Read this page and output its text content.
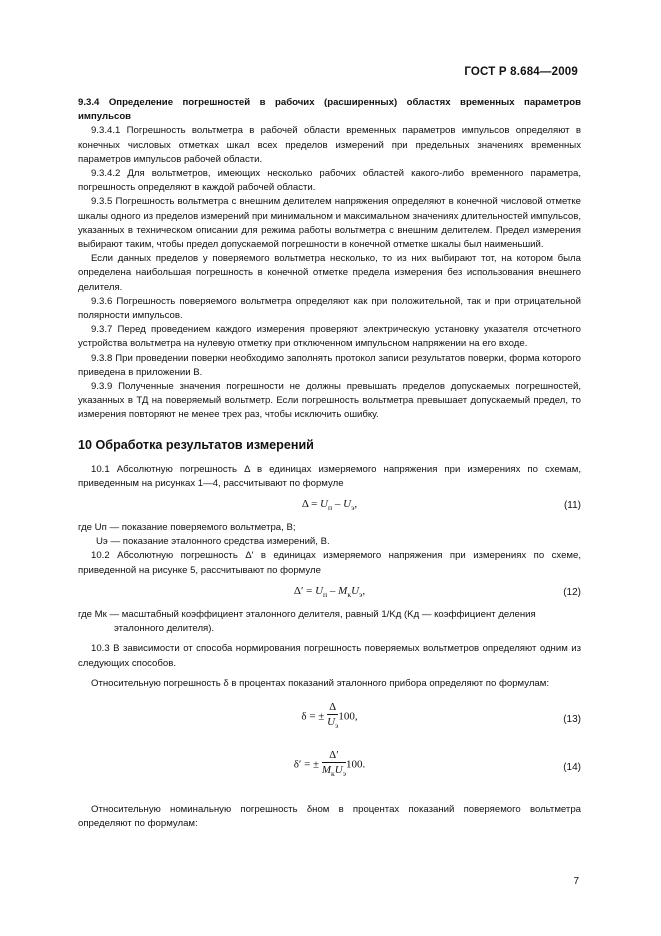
ГОСТ Р 8.684—2009

9.3.4 Определение погрешностей в рабочих (расширенных) областях временных параметров импульсов

9.3.4.1 Погрешность вольтметра в рабочей области временных параметров импульсов определяют в конечных числовых отметках шкал всех пределов измерений при предельных значениях временных параметров импульсов рабочей области.

9.3.4.2 Для вольтметров, имеющих несколько рабочих областей какого-либо временного параметра, погрешность определяют в каждой рабочей области.

9.3.5 Погрешность вольтметра с внешним делителем напряжения определяют в конечной числовой отметке шкалы одного из пределов измерений при минимальном и максимальном значениях длительностей импульсов, указанных в техническом описании для режима работы вольтметра с внешним делителем. Предел измерения выбирают таким, чтобы предел допускаемой погрешности в конечной отметке шкалы был наименьший.

Если данных пределов у поверяемого вольтметра несколько, то из них выбирают тот, на котором была определена наибольшая погрешность в конечной отметке предела измерения без использования внешнего делителя.

9.3.6 Погрешность поверяемого вольтметра определяют как при положительной, так и при отрицательной полярности импульсов.

9.3.7 Перед проведением каждого измерения проверяют электрическую установку указателя отсчетного устройства вольтметра на нулевую отметку при отключенном импульсном напряжении на его входе.

9.3.8 При проведении поверки необходимо заполнять протокол записи результатов поверки, форма которого приведена в приложении В.

9.3.9 Полученные значения погрешности не должны превышать пределов допускаемых погрешностей, указанных в ТД на поверяемый вольтметр. Если погрешность вольтметра превышает допускаемый предел, то измерения повторяют не менее трех раз, чтобы исключить ошибку.

10 Обработка результатов измерений

10.1 Абсолютную погрешность Δ в единицах измеряемого напряжения при измерениях по схемам, приведенным на рисунках 1—4, рассчитывают по формуле

$\Delta = U_п - U_э$,	(11)

где Uп — показание поверяемого вольтметра, В;

Uэ — показание эталонного средства измерений, В.

10.2 Абсолютную погрешность Δ′ в единицах измеряемого напряжения при измерениях по схеме, приведенной на рисунке 5, рассчитывают по формуле

$\Delta' = U_п - M_кU_э$,	(12)

где Mк — масштабный коэффициент эталонного делителя, равный 1/Kд (Kд — коэффициент деления

эталонного делителя).

10.3 В зависимости от способа нормирования погрешность поверяемых вольтметров определяют одним из следующих способов.

Относительную погрешность δ в процентах показаний эталонного прибора определяют по формулам:

δ = ± $\frac{\Delta}{U_э} 100$,	(13)
δ′ = ± $\frac{\Delta'}{M_кU_э} 100$.	(14)

Относительную номинальную погрешность δном в процентах показаний поверяемого вольтметра определяют по формулам:

7
